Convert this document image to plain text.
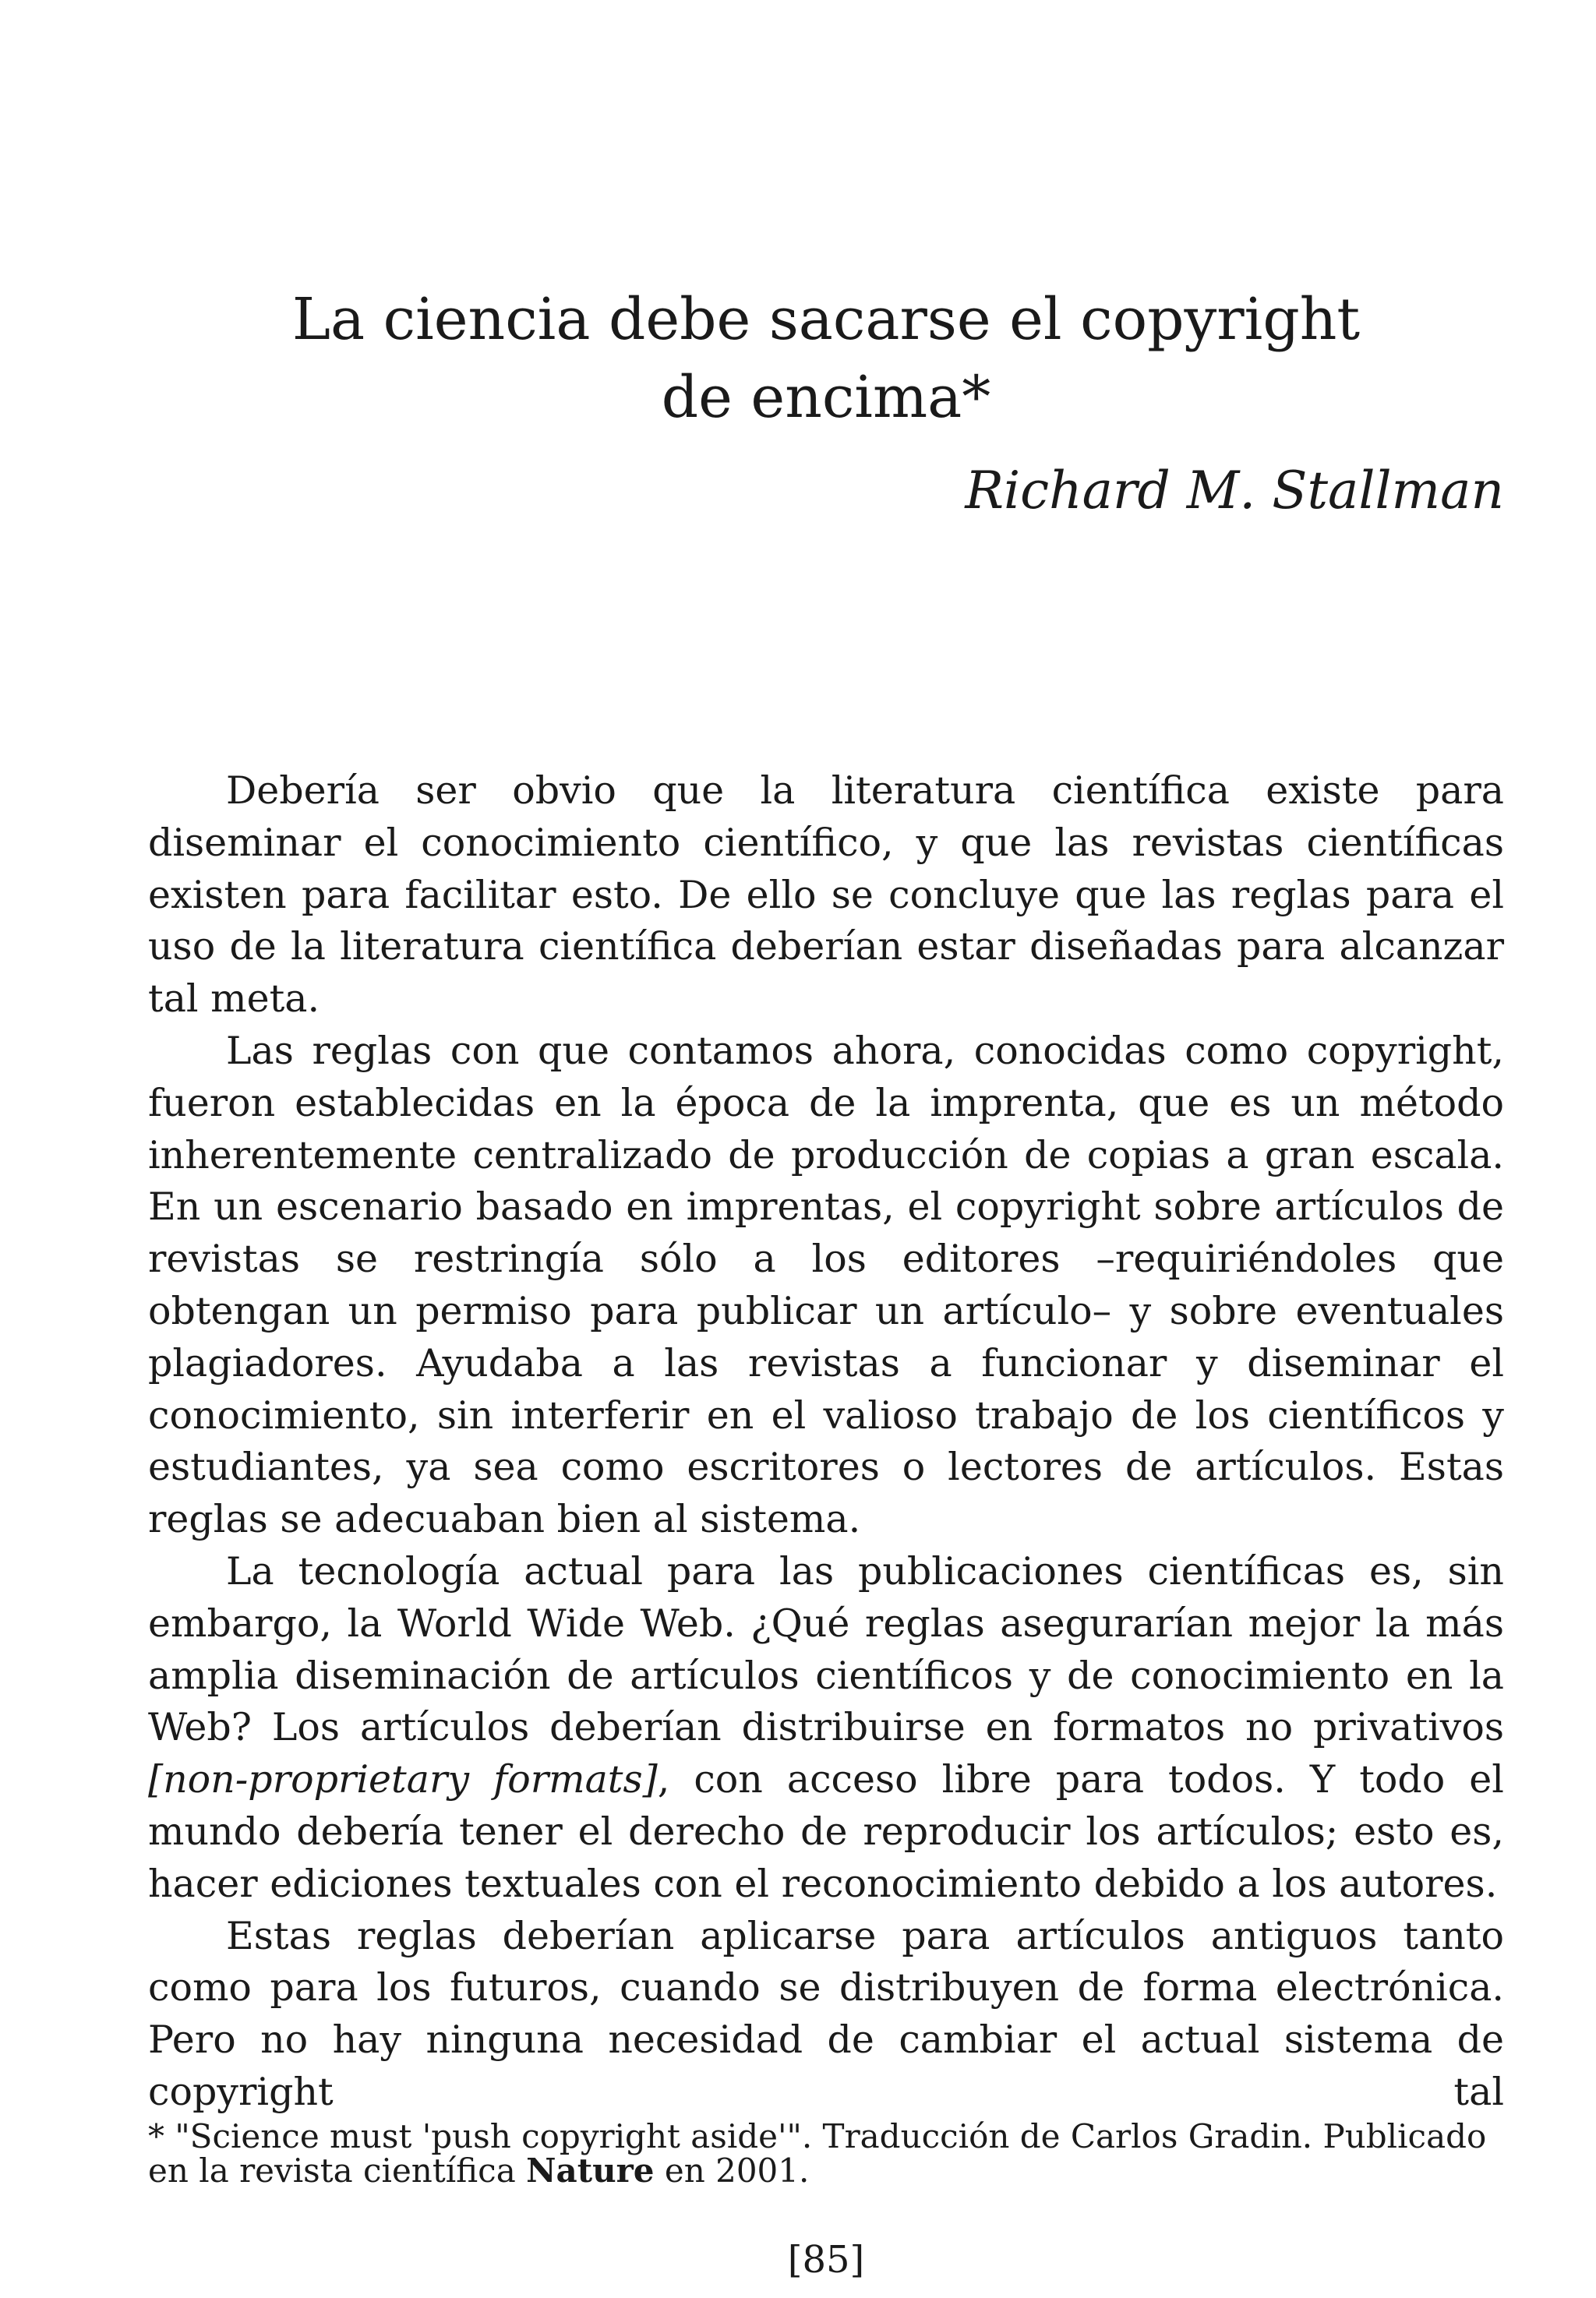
La ciencia debe sacarse el copyright
de encima*

Richard M. Stallman

Debería ser obvio que la literatura científica existe para diseminar el conocimiento científico, y que las revistas científicas existen para facilitar esto. De ello se concluye que las reglas para el uso de la literatura científica deberían estar diseñadas para alcanzar tal meta.

Las reglas con que contamos ahora, conocidas como copyright, fueron establecidas en la época de la imprenta, que es un método inherentemente centralizado de producción de copias a gran escala. En un escenario basado en imprentas, el copyright sobre artículos de revistas se restringía sólo a los editores –requiriéndoles que obtengan un permiso para publicar un artículo– y sobre eventuales plagiadores. Ayudaba a las revistas a funcionar y diseminar el conocimiento, sin interferir en el valioso trabajo de los científicos y estudiantes, ya sea como escritores o lectores de artículos. Estas reglas se adecuaban bien al sistema.

La tecnología actual para las publicaciones científicas es, sin embargo, la World Wide Web. ¿Qué reglas asegurarían mejor la más amplia diseminación de artículos científicos y de conocimiento en la Web? Los artículos deberían distribuirse en formatos no privativos [non-proprietary formats], con acceso libre para todos. Y todo el mundo debería tener el derecho de reproducir los artículos; esto es, hacer ediciones textuales con el reconocimiento debido a los autores.

Estas reglas deberían aplicarse para artículos antiguos tanto como para los futuros, cuando se distribuyen de forma electrónica. Pero no hay ninguna necesidad de cambiar el actual sistema de copyright tal

* "Science must 'push copyright aside'". Traducción de Carlos Gradin. Publicado en la revista científica Nature en 2001.
[85]
